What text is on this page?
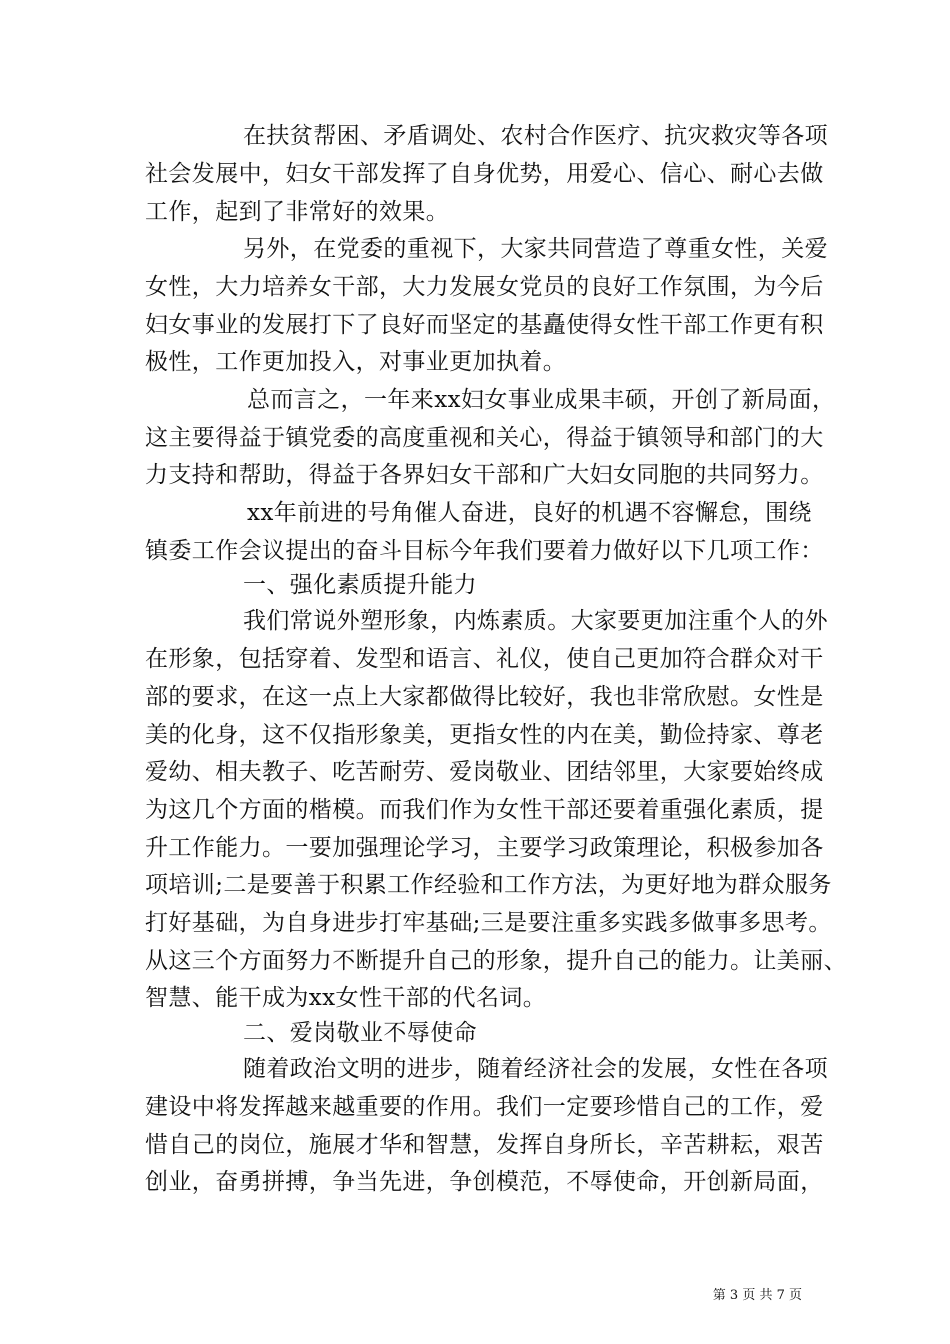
在扶贫帮困、矛盾调处、农村合作医疗、抗灾救灾等各项
社会发展中，妇女干部发挥了自身优势，用爱心、信心、耐心去做
工作，起到了非常好的效果。
另外，在党委的重视下，大家共同营造了尊重女性，关爱
女性，大力培养女干部，大力发展女党员的良好工作氛围，为今后
妇女事业的发展打下了良好而坚定的基矗使得女性干部工作更有积
极性，工作更加投入，对事业更加执着。
总而言之，一年来xx妇女事业成果丰硕，开创了新局面，
这主要得益于镇党委的高度重视和关心，得益于镇领导和部门的大
力支持和帮助，得益于各界妇女干部和广大妇女同胞的共同努力。
xx年前进的号角催人奋进，良好的机遇不容懈怠，围绕
镇委工作会议提出的奋斗目标今年我们要着力做好以下几项工作：
一、强化素质提升能力
我们常说外塑形象，内炼素质。大家要更加注重个人的外
在形象，包括穿着、发型和语言、礼仪，使自己更加符合群众对干
部的要求，在这一点上大家都做得比较好，我也非常欣慰。女性是
美的化身，这不仅指形象美，更指女性的内在美，勤俭持家、尊老
爱幼、相夫教子、吃苦耐劳、爱岗敬业、团结邻里，大家要始终成
为这几个方面的楷模。而我们作为女性干部还要着重强化素质，提
升工作能力。一要加强理论学习，主要学习政策理论，积极参加各
项培训;二是要善于积累工作经验和工作方法，为更好地为群众服务
打好基础，为自身进步打牢基础;三是要注重多实践多做事多思考。
从这三个方面努力不断提升自己的形象，提升自己的能力。让美丽、
智慧、能干成为xx女性干部的代名词。
二、爱岗敬业不辱使命
随着政治文明的进步，随着经济社会的发展，女性在各项
建设中将发挥越来越重要的作用。我们一定要珍惜自己的工作，爱
惜自己的岗位，施展才华和智慧，发挥自身所长，辛苦耕耘，艰苦
创业，奋勇拼搏，争当先进，争创模范，不辱使命，开创新局面，
第 3 页 共 7 页
